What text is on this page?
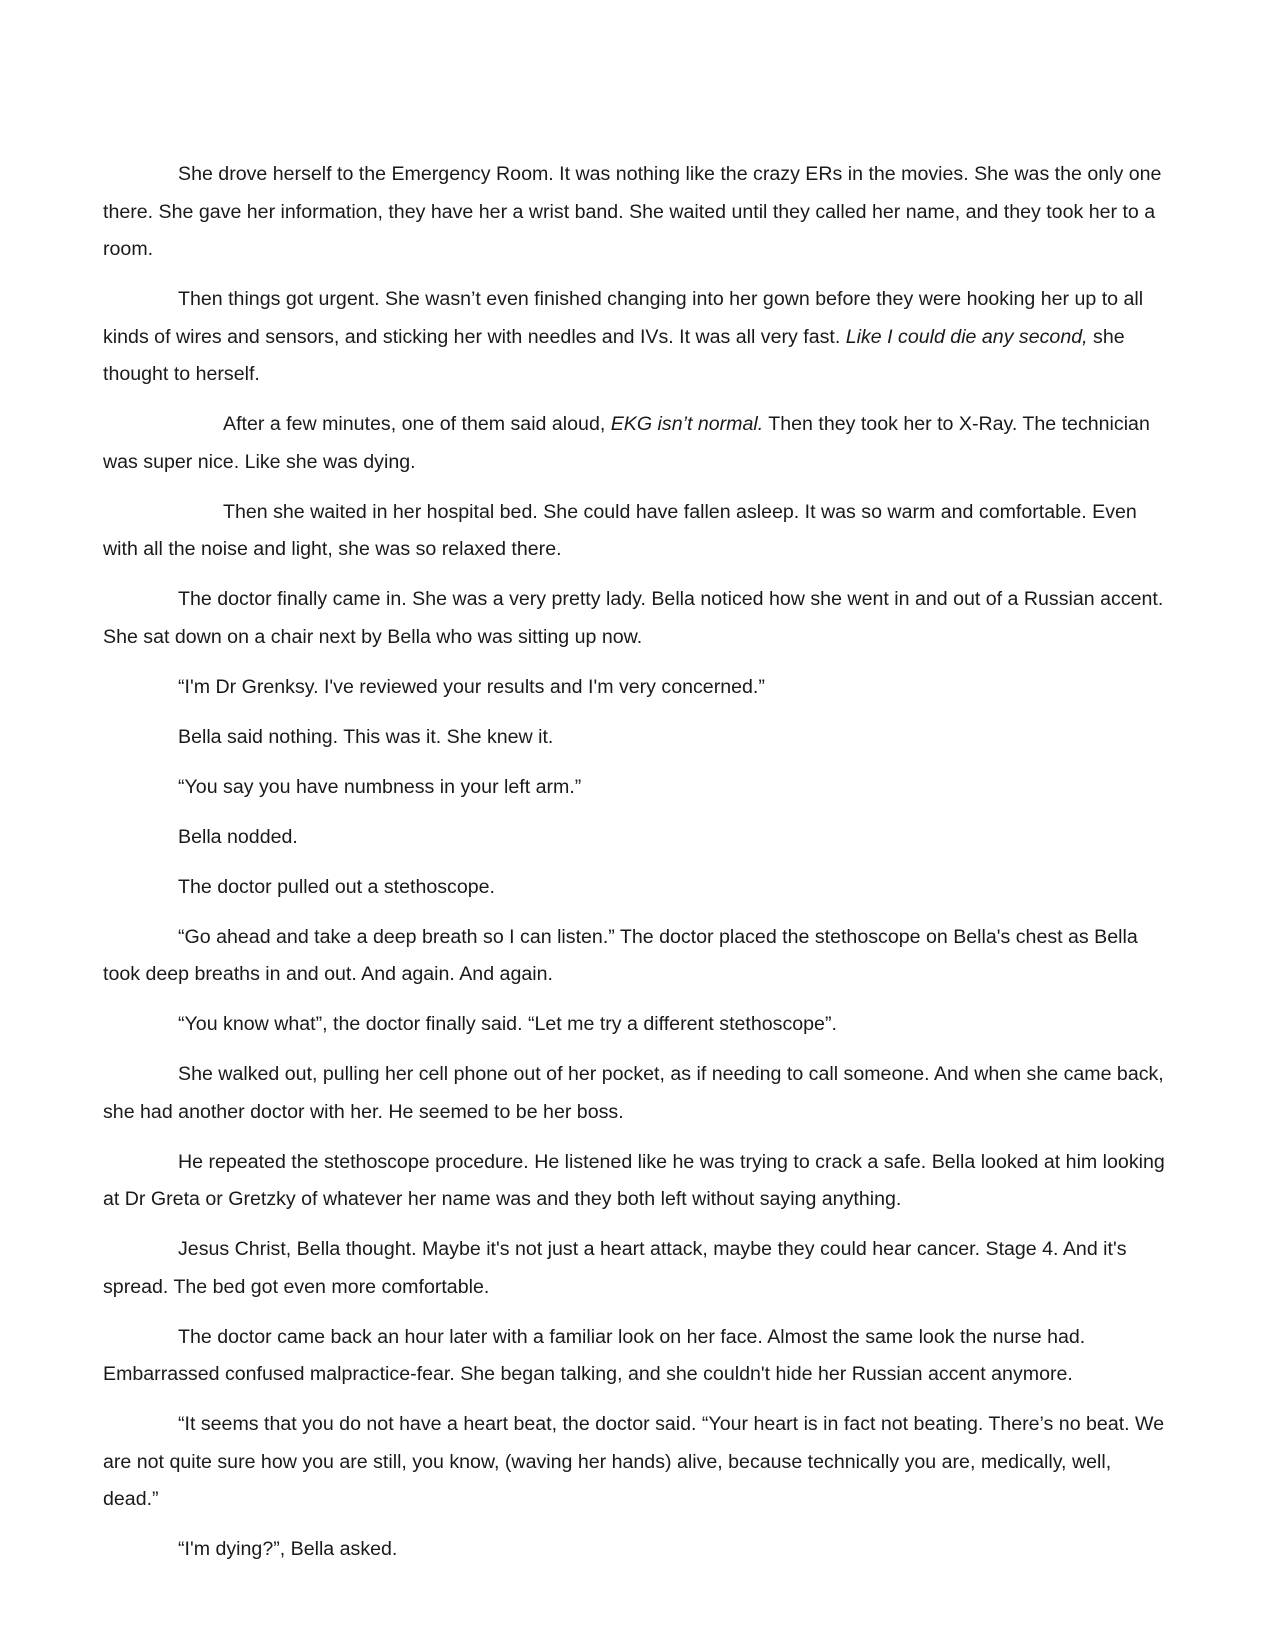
She drove herself to the Emergency Room. It was nothing like the crazy ERs in the movies. She was the only one there. She gave her information, they have her a wrist band. She waited until they called her name, and they took her to a room.

Then things got urgent. She wasn’t even finished changing into her gown before they were hooking her up to all kinds of wires and sensors, and sticking her with needles and IVs. It was all very fast. Like I could die any second, she thought to herself.

After a few minutes, one of them said aloud, EKG isn’t normal. Then they took her to X-Ray. The technician was super nice. Like she was dying.

Then she waited in her hospital bed. She could have fallen asleep. It was so warm and comfortable. Even with all the noise and light, she was so relaxed there.

The doctor finally came in. She was a very pretty lady. Bella noticed how she went in and out of a Russian accent. She sat down on a chair next by Bella who was sitting up now.

“I'm Dr Grenksy. I've reviewed your results and I'm very concerned.”

Bella said nothing. This was it. She knew it.

“You say you have numbness in your left arm.”

Bella nodded.

The doctor pulled out a stethoscope.

“Go ahead and take a deep breath so I can listen.” The doctor placed the stethoscope on Bella's chest as Bella took deep breaths in and out. And again. And again.

“You know what”, the doctor finally said. “Let me try a different stethoscope”.

She walked out, pulling her cell phone out of her pocket, as if needing to call someone. And when she came back, she had another doctor with her. He seemed to be her boss.

He repeated the stethoscope procedure. He listened like he was trying to crack a safe. Bella looked at him looking at Dr Greta or Gretzky of whatever her name was and they both left without saying anything.

Jesus Christ, Bella thought. Maybe it's not just a heart attack, maybe they could hear cancer. Stage 4. And it's spread. The bed got even more comfortable.

The doctor came back an hour later with a familiar look on her face. Almost the same look the nurse had. Embarrassed confused malpractice-fear. She began talking, and she couldn't hide her Russian accent anymore.

“It seems that you do not have a heart beat, the doctor said. “Your heart is in fact not beating. There’s no beat. We are not quite sure how you are still, you know, (waving her hands) alive, because technically you are, medically, well, dead.”

“I'm dying?”, Bella asked.
